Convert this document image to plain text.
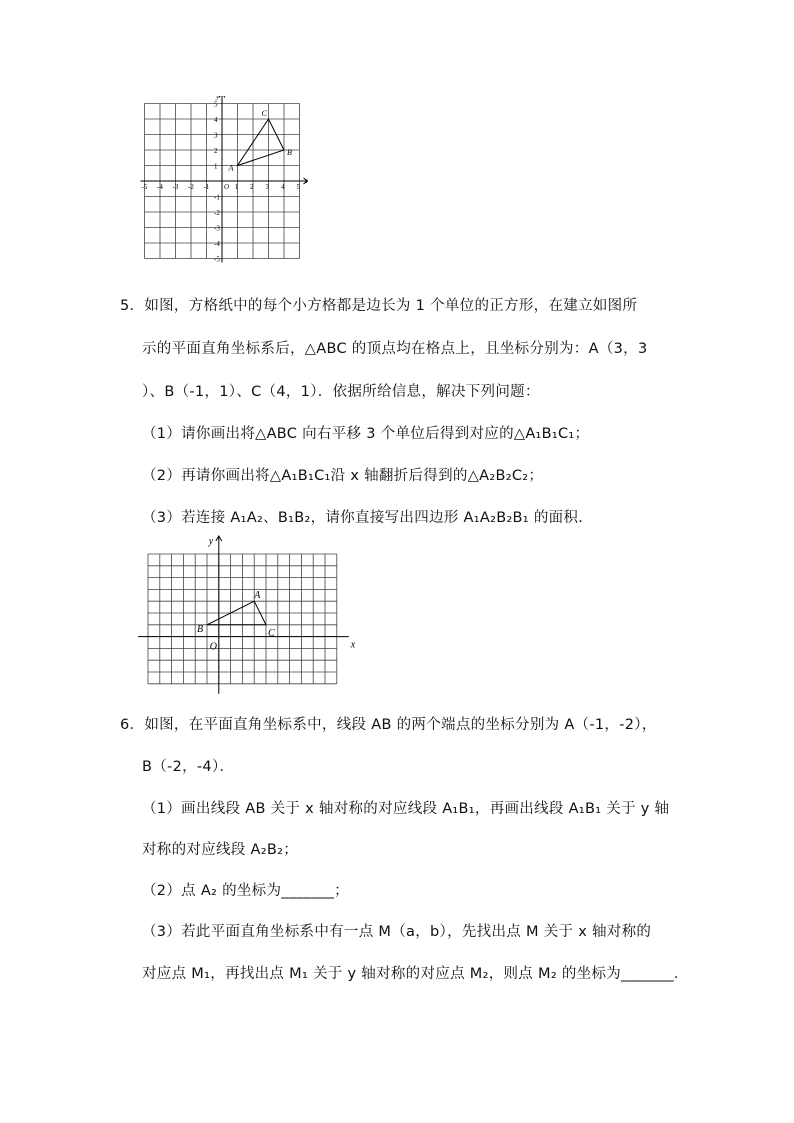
-5 -4 -3 -2 -1	1 2 3 4 5
5
4
3
2
1
-1
-2
-3
-4
-5
O
x
y
A
B
C
5．如图，方格纸中的每个小方格都是边长为 1 个单位的正方形，在建立如图所
示的平面直角坐标系后，△ABC 的顶点均在格点上，且坐标分别为：A（3，3
）、B（-1，1）、C（4，1）．依据所给信息，解决下列问题：
（1）请你画出将△ABC 向右平移 3 个单位后得到对应的△A₁B₁C₁；
（2）再请你画出将△A₁B₁C₁沿 x 轴翻折后得到的△A₂B₂C₂；
（3）若连接 A₁A₂、B₁B₂，请你直接写出四边形 A₁A₂B₂B₁ 的面积．
y
x
O
A
B	C
6．如图，在平面直角坐标系中，线段 AB 的两个端点的坐标分别为 A（-1，-2），
B（-2，-4）．
（1）画出线段 AB 关于 x 轴对称的对应线段 A₁B₁，再画出线段 A₁B₁ 关于 y 轴
对称的对应线段 A₂B₂；
（2）点 A₂ 的坐标为_______；
（3）若此平面直角坐标系中有一点 M（a，b），先找出点 M 关于 x 轴对称的
对应点 M₁，再找出点 M₁ 关于 y 轴对称的对应点 M₂，则点 M₂ 的坐标为_______．
